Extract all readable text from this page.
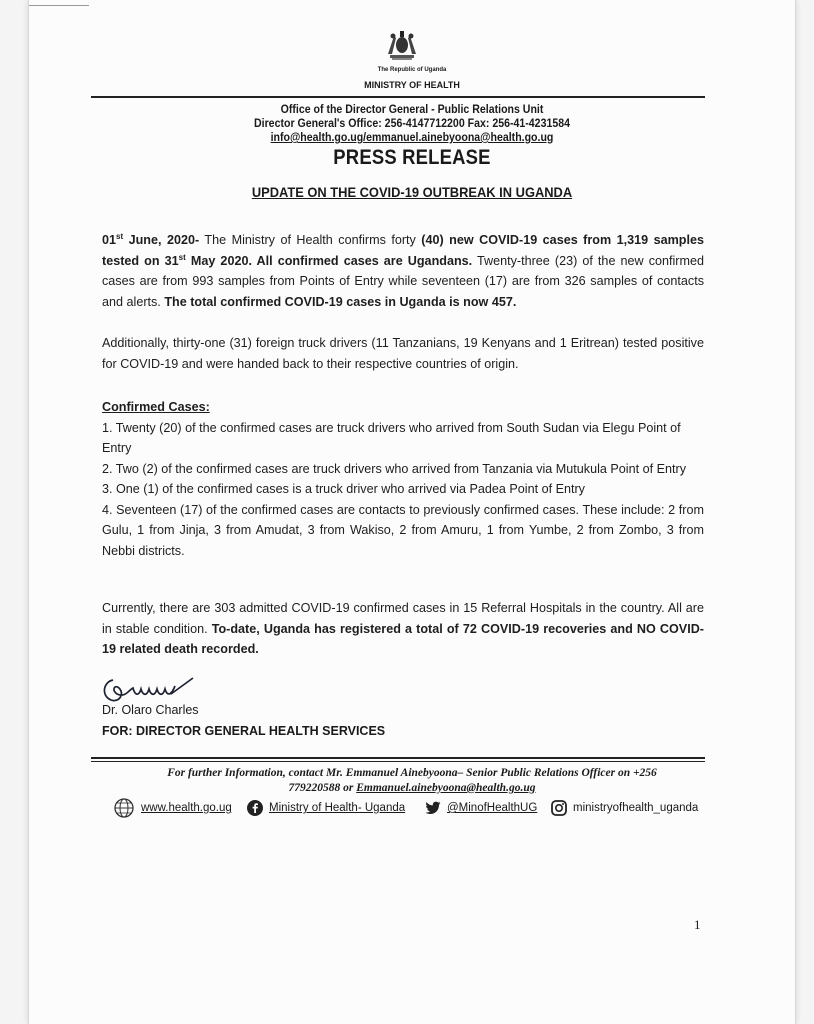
The Republic of Uganda
MINISTRY OF HEALTH
Office of the Director General - Public Relations Unit
Director General's Office: 256-4147712200 Fax: 256-41-4231584
info@health.go.ug/emmanuel.ainebyoona@health.go.ug
PRESS RELEASE
UPDATE ON THE COVID-19 OUTBREAK IN UGANDA

01st June, 2020- The Ministry of Health confirms forty (40) new COVID-19 cases from 1,319 samples tested on 31st May 2020. All confirmed cases are Ugandans. Twenty-three (23) of the new confirmed cases are from 993 samples from Points of Entry while seventeen (17) are from 326 samples of contacts and alerts. The total confirmed COVID-19 cases in Uganda is now 457.

Additionally, thirty-one (31) foreign truck drivers (11 Tanzanians, 19 Kenyans and 1 Eritrean) tested positive for COVID-19 and were handed back to their respective countries of origin.

Confirmed Cases:

1. Twenty (20) of the confirmed cases are truck drivers who arrived from South Sudan via Elegu Point of Entry

2. Two (2) of the confirmed cases are truck drivers who arrived from Tanzania via Mutukula Point of Entry

3. One (1) of the confirmed cases is a truck driver who arrived via Padea Point of Entry

4. Seventeen (17) of the confirmed cases are contacts to previously confirmed cases. These include: 2 from Gulu, 1 from Jinja, 3 from Amudat, 3 from Wakiso, 2 from Amuru, 1 from Yumbe, 2 from Zombo, 3 from Nebbi districts.

Currently, there are 303 admitted COVID-19 confirmed cases in 15 Referral Hospitals in the country. All are in stable condition. To-date, Uganda has registered a total of 72 COVID-19 recoveries and NO COVID-19 related death recorded.

Dr. Olaro Charles
FOR: DIRECTOR GENERAL HEALTH SERVICES
For further Information, contact Mr. Emmanuel Ainebyoona– Senior Public Relations Officer on +256
779220588 or Emmanuel.ainebyoona@health.go.ug
www.health.go.ug	Ministry of Health- Uganda	@MinofHealthUG	ministryofhealth_uganda
1
